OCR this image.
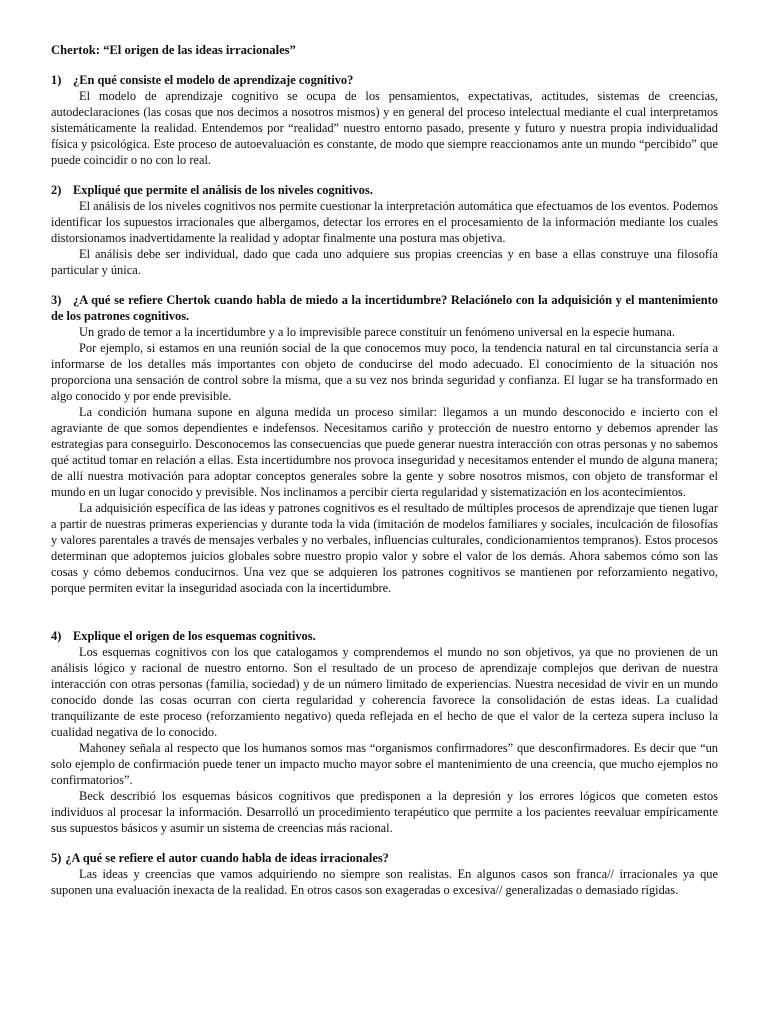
Chertok: “El origen de las ideas irracionales”

1) ¿En qué consiste el modelo de aprendizaje cognitivo?

El modelo de aprendizaje cognitivo se ocupa de los pensamientos, expectativas, actitudes, sistemas de creencias, autodeclaraciones (las cosas que nos decimos a nosotros mismos) y en general del proceso intelectual mediante el cual interpretamos sistemáticamente la realidad. Entendemos por “realidad” nuestro entorno pasado, presente y futuro y nuestra propia individualidad física y psicológica. Este proceso de autoevaluación es constante, de modo que siempre reaccionamos ante un mundo “percibido” que puede coincidir o no con lo real.

2) Expliqué que permite el análisis de los niveles cognitivos.

El análisis de los niveles cognitivos nos permite cuestionar la interpretación automática que efectuamos de los eventos. Podemos identificar los supuestos irracionales que albergamos, detectar los errores en el procesamiento de la información mediante los cuales distorsionamos inadvertidamente la realidad y adoptar finalmente una postura mas objetiva.

El análisis debe ser individual, dado que cada uno adquiere sus propias creencias y en base a ellas construye una filosofía particular y única.

3) ¿A qué se refiere Chertok cuando habla de miedo a la incertidumbre? Relaciónelo con la adquisición y el mantenimiento de los patrones cognitivos.

Un grado de temor a la incertidumbre y a lo imprevisible parece constituir un fenómeno universal en la especie humana.

Por ejemplo, si estamos en una reunión social de la que conocemos muy poco, la tendencia natural en tal circunstancia sería a informarse de los detalles más importantes con objeto de conducirse del modo adecuado. El conocimiento de la situación nos proporciona una sensación de control sobre la misma, que a su vez nos brinda seguridad y confianza. El lugar se ha transformado en algo conocido y por ende previsible.

La condición humana supone en alguna medida un proceso similar: llegamos a un mundo desconocido e incierto con el agraviante de que somos dependientes e indefensos. Necesitamos cariño y protección de nuestro entorno y debemos aprender las estrategias para conseguirlo. Desconocemos las consecuencias que puede generar nuestra interacción con otras personas y no sabemos qué actitud tomar en relación a ellas. Esta incertidumbre nos provoca inseguridad y necesitamos entender el mundo de alguna manera; de allí nuestra motivación para adoptar conceptos generales sobre la gente y sobre nosotros mismos, con objeto de transformar el mundo en un lugar conocido y previsible. Nos inclinamos a percibir cierta regularidad y sistematización en los acontecimientos.

La adquisición específica de las ideas y patrones cognitivos es el resultado de múltiples procesos de aprendizaje que tienen lugar a partir de nuestras primeras experiencias y durante toda la vida (imitación de modelos familiares y sociales, inculcación de filosofías y valores parentales a través de mensajes verbales y no verbales, influencias culturales, condicionamientos tempranos). Estos procesos determinan que adoptemos juicios globales sobre nuestro propio valor y sobre el valor de los demás. Ahora sabemos cómo son las cosas y cómo debemos conducirnos. Una vez que se adquieren los patrones cognitivos se mantienen por reforzamiento negativo, porque permiten evitar la inseguridad asociada con la incertidumbre.

4) Explique el origen de los esquemas cognitivos.

Los esquemas cognitivos con los que catalogamos y comprendemos el mundo no son objetivos, ya que no provienen de un análisis lógico y racional de nuestro entorno. Son el resultado de un proceso de aprendizaje complejos que derivan de nuestra interacción con otras personas (familia, sociedad) y de un número limitado de experiencias. Nuestra necesidad de vivir en un mundo conocido donde las cosas ocurran con cierta regularidad y coherencia favorece la consolidación de estas ideas. La cualidad tranquilizante de este proceso (reforzamiento negativo) queda reflejada en el hecho de que el valor de la certeza supera incluso la cualidad negativa de lo conocido.

Mahoney señala al respecto que los humanos somos mas “organismos confirmadores” que desconfirmadores. Es decir que “un solo ejemplo de confirmación puede tener un impacto mucho mayor sobre el mantenimiento de una creencia, que mucho ejemplos no confirmatorios”.

Beck describió los esquemas básicos cognitivos que predisponen a la depresión y los errores lógicos que cometen estos individuos al procesar la información. Desarrolló un procedimiento terapéutico que permite a los pacientes reevaluar empíricamente sus supuestos básicos y asumir un sistema de creencias más racional.

5) ¿A qué se refiere el autor cuando habla de ideas irracionales?

Las ideas y creencias que vamos adquiriendo no siempre son realistas. En algunos casos son franca// irracionales ya que suponen una evaluación inexacta de la realidad. En otros casos son exageradas o excesiva// generalizadas o demasiado rígidas.
